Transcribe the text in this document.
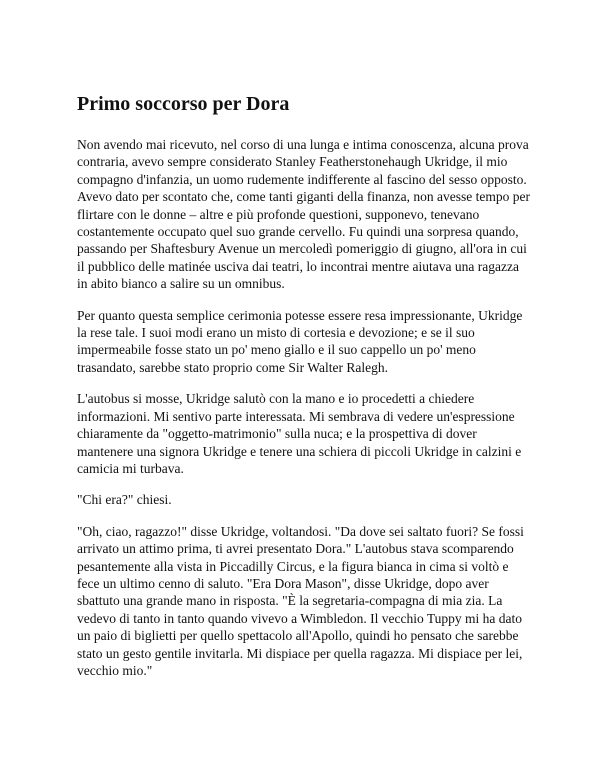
Primo soccorso per Dora

Non avendo mai ricevuto, nel corso di una lunga e intima conoscenza, alcuna prova contraria, avevo sempre considerato Stanley Featherstonehaugh Ukridge, il mio compagno d'infanzia, un uomo rudemente indifferente al fascino del sesso opposto. Avevo dato per scontato che, come tanti giganti della finanza, non avesse tempo per flirtare con le donne – altre e più profonde questioni, supponevo, tenevano costantemente occupato quel suo grande cervello. Fu quindi una sorpresa quando, passando per Shaftesbury Avenue un mercoledì pomeriggio di giugno, all'ora in cui il pubblico delle matinée usciva dai teatri, lo incontrai mentre aiutava una ragazza in abito bianco a salire su un omnibus.

Per quanto questa semplice cerimonia potesse essere resa impressionante, Ukridge la rese tale. I suoi modi erano un misto di cortesia e devozione; e se il suo impermeabile fosse stato un po' meno giallo e il suo cappello un po' meno trasandato, sarebbe stato proprio come Sir Walter Ralegh.

L'autobus si mosse, Ukridge salutò con la mano e io procedetti a chiedere informazioni. Mi sentivo parte interessata. Mi sembrava di vedere un'espressione chiaramente da "oggetto-matrimonio" sulla nuca; e la prospettiva di dover mantenere una signora Ukridge e tenere una schiera di piccoli Ukridge in calzini e camicia mi turbava.

"Chi era?" chiesi.

"Oh, ciao, ragazzo!" disse Ukridge, voltandosi. "Da dove sei saltato fuori? Se fossi arrivato un attimo prima, ti avrei presentato Dora." L'autobus stava scomparendo pesantemente alla vista in Piccadilly Circus, e la figura bianca in cima si voltò e fece un ultimo cenno di saluto. "Era Dora Mason", disse Ukridge, dopo aver sbattuto una grande mano in risposta. "È la segretaria-compagna di mia zia. La vedevo di tanto in tanto quando vivevo a Wimbledon. Il vecchio Tuppy mi ha dato un paio di biglietti per quello spettacolo all'Apollo, quindi ho pensato che sarebbe stato un gesto gentile invitarla. Mi dispiace per quella ragazza. Mi dispiace per lei, vecchio mio."
